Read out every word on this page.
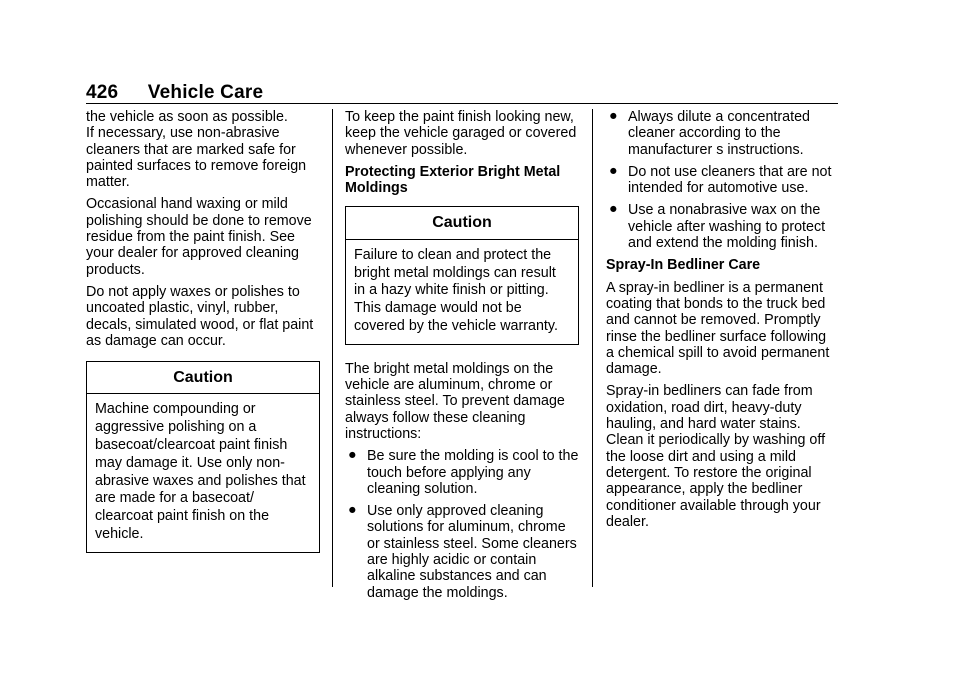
426 Vehicle Care

the vehicle as soon as possible.

If necessary, use non-abrasive cleaners that are marked safe for painted surfaces to remove foreign matter.

Occasional hand waxing or mild polishing should be done to remove residue from the paint finish. See your dealer for approved cleaning products.

Do not apply waxes or polishes to uncoated plastic, vinyl, rubber, decals, simulated wood, or flat paint as damage can occur.

Caution
Machine compounding or aggressive polishing on a basecoat/clearcoat paint finish may damage it. Use only non-abrasive waxes and polishes that are made for a basecoat/ clearcoat paint finish on the vehicle.

To keep the paint finish looking new, keep the vehicle garaged or covered whenever possible.

Protecting Exterior Bright Metal Moldings

Caution
Failure to clean and protect the bright metal moldings can result in a hazy white finish or pitting. This damage would not be covered by the vehicle warranty.

The bright metal moldings on the vehicle are aluminum, chrome or stainless steel. To prevent damage always follow these cleaning instructions:

● Be sure the molding is cool to the touch before applying any cleaning solution.
● Use only approved cleaning solutions for aluminum, chrome or stainless steel. Some cleaners are highly acidic or contain alkaline substances and can damage the moldings.
● Always dilute a concentrated cleaner according to the manufacturer s instructions.
● Do not use cleaners that are not intended for automotive use.
● Use a nonabrasive wax on the vehicle after washing to protect and extend the molding finish.

Spray-In Bedliner Care

A spray-in bedliner is a permanent coating that bonds to the truck bed and cannot be removed. Promptly rinse the bedliner surface following a chemical spill to avoid permanent damage.

Spray-in bedliners can fade from oxidation, road dirt, heavy-duty hauling, and hard water stains. Clean it periodically by washing off the loose dirt and using a mild detergent. To restore the original appearance, apply the bedliner conditioner available through your dealer.
